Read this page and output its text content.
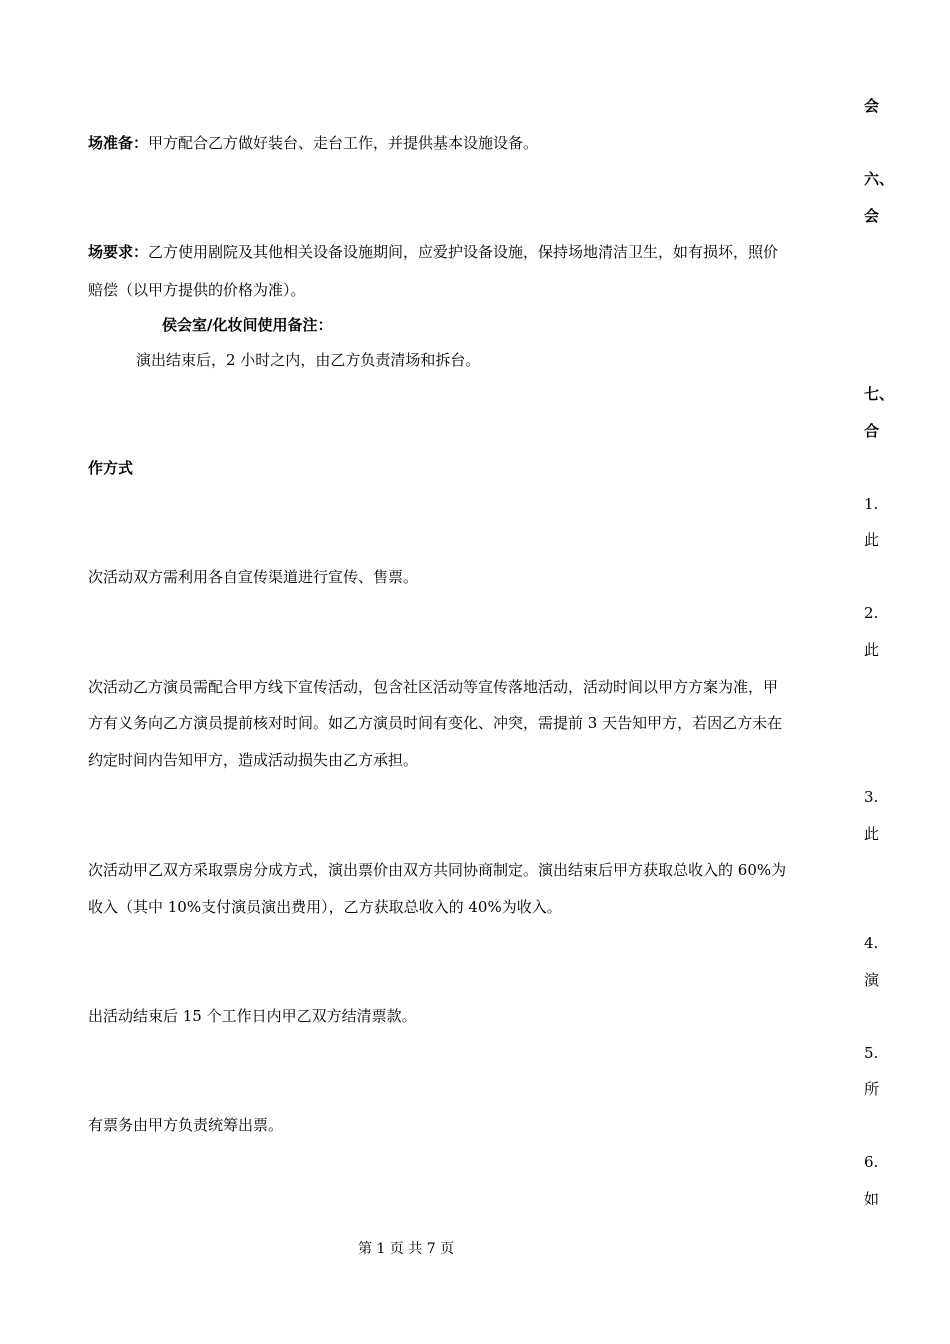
会
六、
会
七、
合
1.
此
2.
此
3.
此
4.
演
5.
所
6.
如
场准备：甲方配合乙方做好装台、走台工作，并提供基本设施设备。
场要求：乙方使用剧院及其他相关设备设施期间，应爱护设备设施，保持场地清洁卫生，如有损坏，照价
赔偿（以甲方提供的价格为准）。
侯会室/化妆间使用备注：
演出结束后，2 小时之内，由乙方负责清场和拆台。
作方式
次活动双方需利用各自宣传渠道进行宣传、售票。
次活动乙方演员需配合甲方线下宣传活动，包含社区活动等宣传落地活动，活动时间以甲方方案为准，甲
方有义务向乙方演员提前核对时间。如乙方演员时间有变化、冲突，需提前 3 天告知甲方，若因乙方未在
约定时间内告知甲方，造成活动损失由乙方承担。
次活动甲乙双方采取票房分成方式，演出票价由双方共同协商制定。演出结束后甲方获取总收入的 60%为
收入（其中 10%支付演员演出费用），乙方获取总收入的 40%为收入。
出活动结束后 15 个工作日内甲乙双方结清票款。
有票务由甲方负责统筹出票。
第 1 页 共 7 页
